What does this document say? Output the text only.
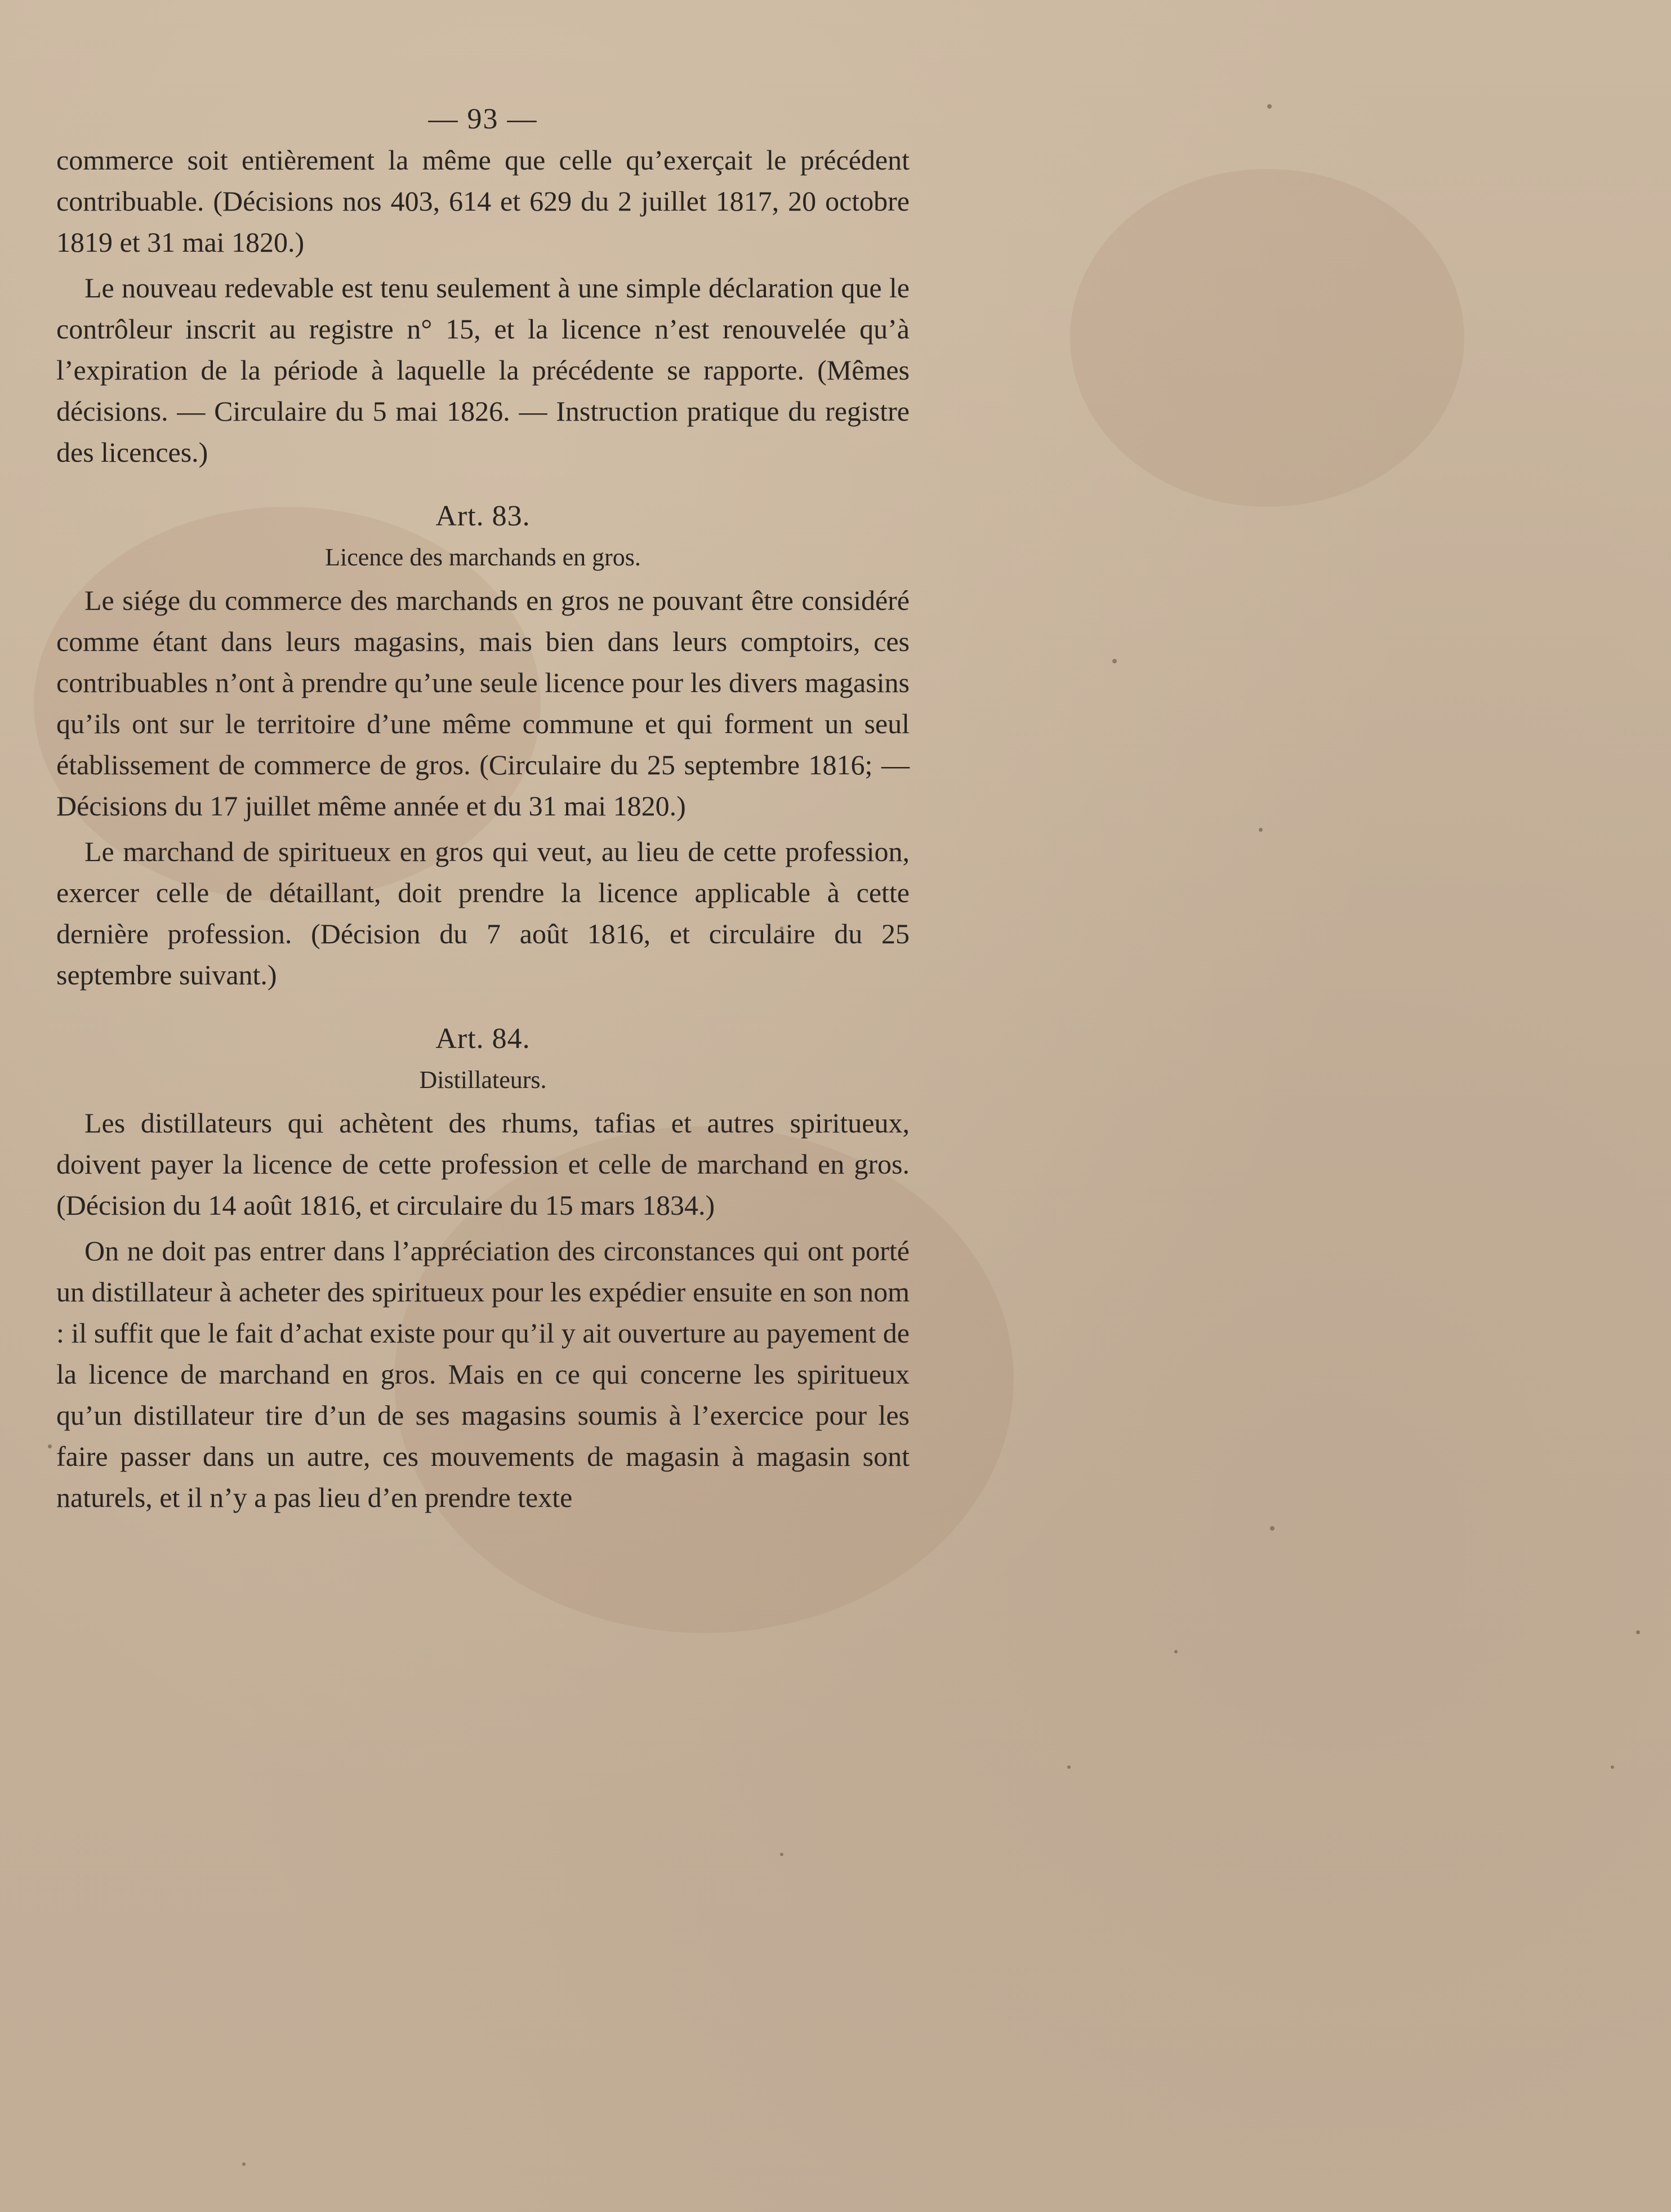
— 93 —

commerce soit entièrement la même que celle qu’exerçait le précédent contribuable. (Décisions nos 403, 614 et 629 du 2 juillet 1817, 20 octobre 1819 et 31 mai 1820.)

Le nouveau redevable est tenu seulement à une simple déclaration que le contrôleur inscrit au registre n° 15, et la licence n’est renouvelée qu’à l’expiration de la période à laquelle la précédente se rapporte. (Mêmes décisions. — Circulaire du 5 mai 1826. — Instruction pratique du registre des licences.)

Art. 83.
Licence des marchands en gros.

Le siége du commerce des marchands en gros ne pouvant être considéré comme étant dans leurs magasins, mais bien dans leurs comptoirs, ces contribuables n’ont à prendre qu’une seule licence pour les divers magasins qu’ils ont sur le territoire d’une même commune et qui forment un seul établissement de commerce de gros. (Circulaire du 25 septembre 1816; — Décisions du 17 juillet même année et du 31 mai 1820.)

Le marchand de spiritueux en gros qui veut, au lieu de cette profession, exercer celle de détaillant, doit prendre la licence applicable à cette dernière profession. (Décision du 7 août 1816, et circulaire du 25 septembre suivant.)

Art. 84.
Distillateurs.

Les distillateurs qui achètent des rhums, tafias et autres spiritueux, doivent payer la licence de cette profession et celle de marchand en gros. (Décision du 14 août 1816, et circulaire du 15 mars 1834.)

On ne doit pas entrer dans l’appréciation des circonstances qui ont porté un distillateur à acheter des spiritueux pour les expédier ensuite en son nom : il suffit que le fait d’achat existe pour qu’il y ait ouverture au payement de la licence de marchand en gros. Mais en ce qui concerne les spiritueux qu’un distillateur tire d’un de ses magasins soumis à l’exercice pour les faire passer dans un autre, ces mouvements de magasin à magasin sont naturels, et il n’y a pas lieu d’en prendre texte
